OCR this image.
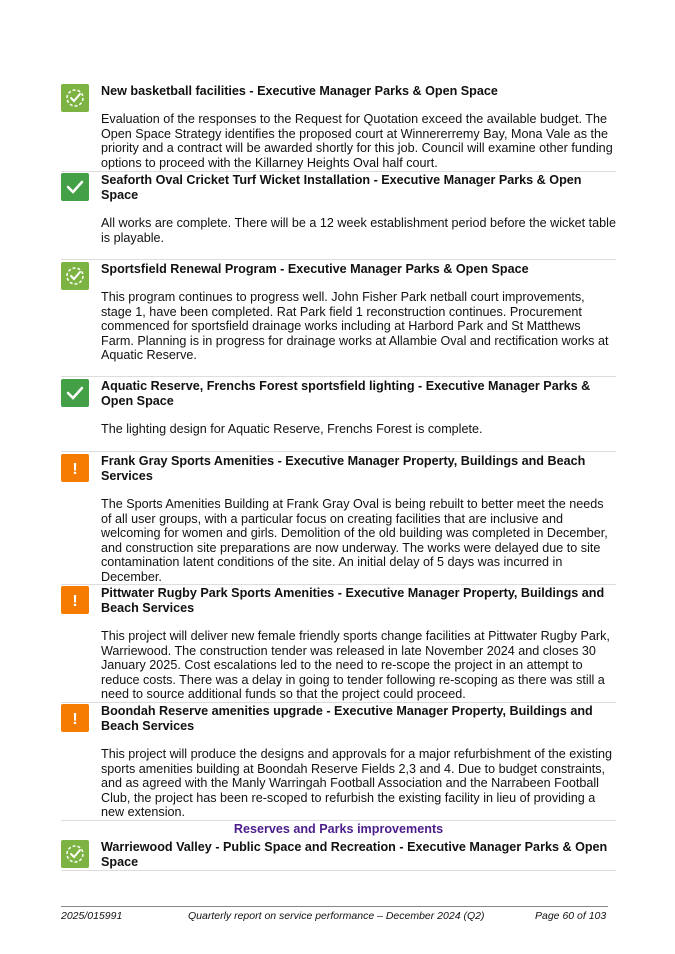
New basketball facilities - Executive Manager Parks & Open Space
Evaluation of the responses to the Request for Quotation exceed the available budget. The Open Space Strategy identifies the proposed court at Winnererremy Bay, Mona Vale as the priority and a contract will be awarded shortly for this job. Council will examine other funding options to proceed with the Killarney Heights Oval half court.
Seaforth Oval Cricket Turf Wicket Installation - Executive Manager Parks & Open Space
All works are complete. There will be a 12 week establishment period before the wicket table is playable.
Sportsfield Renewal Program - Executive Manager Parks & Open Space
This program continues to progress well. John Fisher Park netball court improvements, stage 1, have been completed. Rat Park field 1 reconstruction continues. Procurement commenced for sportsfield drainage works including at Harbord Park and St Matthews Farm. Planning is in progress for drainage works at Allambie Oval and rectification works at Aquatic Reserve.
Aquatic Reserve, Frenchs Forest sportsfield lighting - Executive Manager Parks & Open Space
The lighting design for Aquatic Reserve, Frenchs Forest is complete.
! Frank Gray Sports Amenities - Executive Manager Property, Buildings and Beach Services
The Sports Amenities Building at Frank Gray Oval is being rebuilt to better meet the needs of all user groups, with a particular focus on creating facilities that are inclusive and welcoming for women and girls. Demolition of the old building was completed in December, and construction site preparations are now underway. The works were delayed due to site contamination latent conditions of the site. An initial delay of 5 days was incurred in December.
! Pittwater Rugby Park Sports Amenities - Executive Manager Property, Buildings and Beach Services
This project will deliver new female friendly sports change facilities at Pittwater Rugby Park, Warriewood. The construction tender was released in late November 2024 and closes 30 January 2025. Cost escalations led to the need to re-scope the project in an attempt to reduce costs. There was a delay in going to tender following re-scoping as there was still a need to source additional funds so that the project could proceed.
! Boondah Reserve amenities upgrade - Executive Manager Property, Buildings and Beach Services
This project will produce the designs and approvals for a major refurbishment of the existing sports amenities building at Boondah Reserve Fields 2,3 and 4. Due to budget constraints, and as agreed with the Manly Warringah Football Association and the Narrabeen Football Club, the project has been re-scoped to refurbish the existing facility in lieu of providing a new extension.
Reserves and Parks improvements
Warriewood Valley - Public Space and Recreation - Executive Manager Parks & Open Space
2025/015991	Quarterly report on service performance – December 2024 (Q2)	Page 60 of 103
